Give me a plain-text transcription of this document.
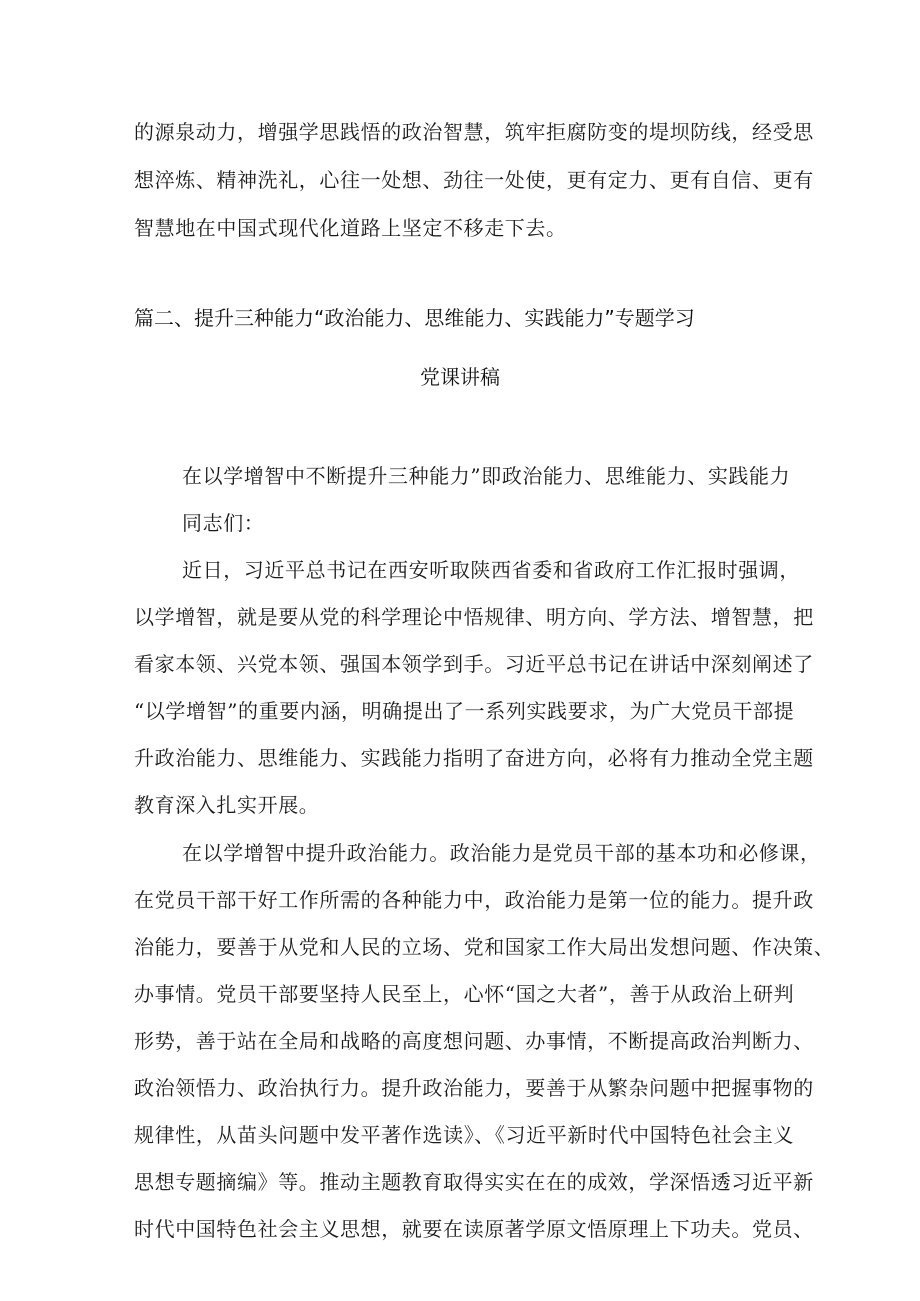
的源泉动力，增强学思践悟的政治智慧，筑牢拒腐防变的堤坝防线，经受思
想淬炼、精神洗礼，心往一处想、劲往一处使，更有定力、更有自信、更有
智慧地在中国式现代化道路上坚定不移走下去。
篇二、提升三种能力“政治能力、思维能力、实践能力”专题学习
党课讲稿
在以学增智中不断提升三种能力”即政治能力、思维能力、实践能力
同志们：
近日，习近平总书记在西安听取陕西省委和省政府工作汇报时强调，
以学增智，就是要从党的科学理论中悟规律、明方向、学方法、增智慧，把
看家本领、兴党本领、强国本领学到手。习近平总书记在讲话中深刻阐述了
“以学增智”的重要内涵，明确提出了一系列实践要求，为广大党员干部提
升政治能力、思维能力、实践能力指明了奋进方向，必将有力推动全党主题
教育深入扎实开展。
在以学增智中提升政治能力。政治能力是党员干部的基本功和必修课，
在党员干部干好工作所需的各种能力中，政治能力是第一位的能力。提升政
治能力，要善于从党和人民的立场、党和国家工作大局出发想问题、作决策、
办事情。党员干部要坚持人民至上，心怀“国之大者”，善于从政治上研判
形势，善于站在全局和战略的高度想问题、办事情，不断提高政治判断力、
政治领悟力、政治执行力。提升政治能力，要善于从繁杂问题中把握事物的
规律性，从苗头问题中发平著作选读》、《习近平新时代中国特色社会主义
思想专题摘编》等。推动主题教育取得实实在在的成效，学深悟透习近平新
时代中国特色社会主义思想，就要在读原著学原文悟原理上下功夫。党员、
